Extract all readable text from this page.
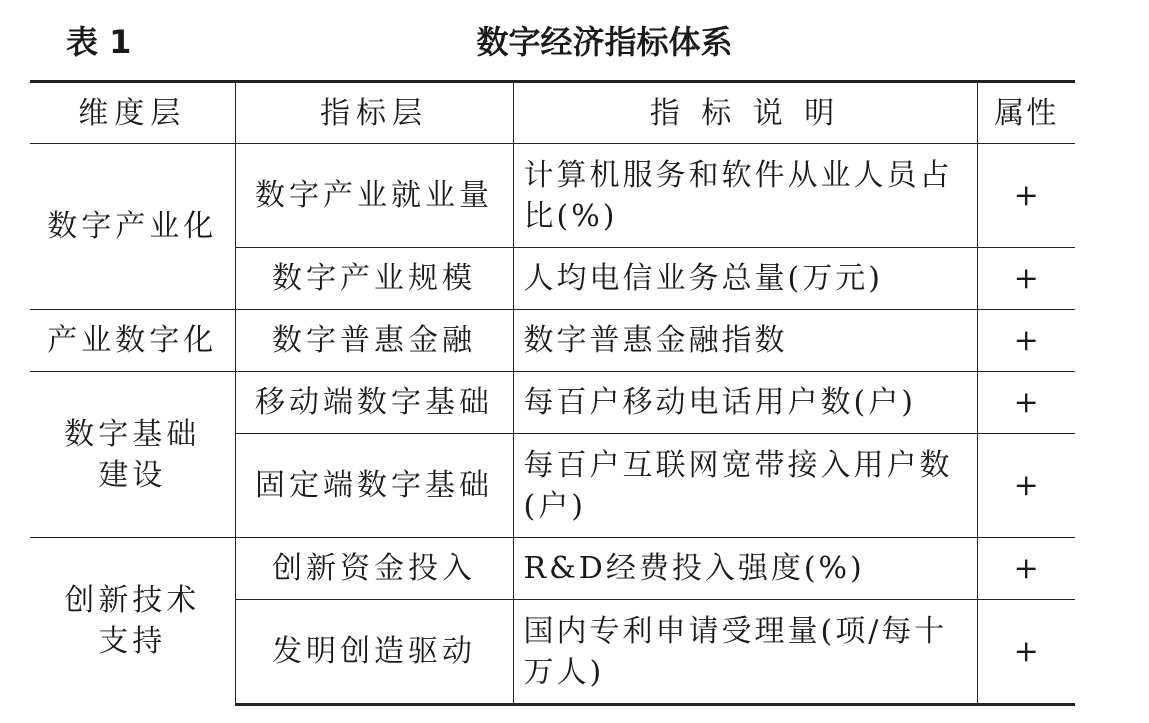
表 1	数字经济指标体系
维度层	指标层	指 标 说 明	属性
数字产业化	数字产业就业量	计算机服务和软件从业人员占比(%)	+
	数字产业规模	人均电信业务总量(万元)	+
产业数字化	数字普惠金融	数字普惠金融指数	+
数字基础建设	移动端数字基础	每百户移动电话用户数(户)	+
	固定端数字基础	每百户互联网宽带接入用户数(户)	+
创新技术支持	创新资金投入	R&D经费投入强度(%)	+
	发明创造驱动	国内专利申请受理量(项/每十万人)	+
